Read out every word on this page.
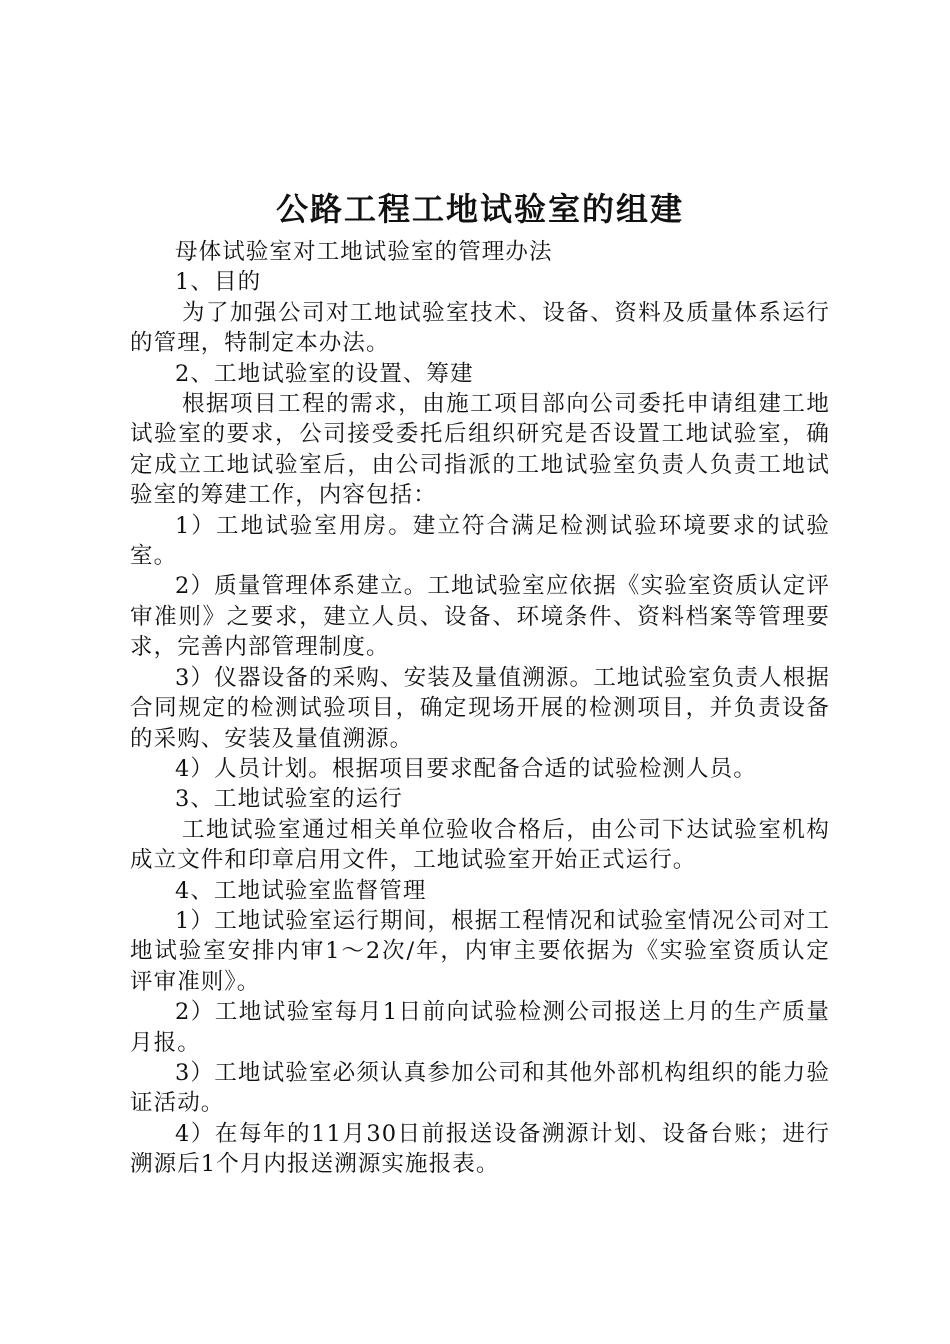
公路工程工地试验室的组建

母体试验室对工地试验室的管理办法

1、目的

为了加强公司对工地试验室技术、设备、资料及质量体系运行的管理，特制定本办法。

2、工地试验室的设置、筹建

根据项目工程的需求，由施工项目部向公司委托申请组建工地试验室的要求，公司接受委托后组织研究是否设置工地试验室，确定成立工地试验室后，由公司指派的工地试验室负责人负责工地试验室的筹建工作，内容包括：

1）工地试验室用房。建立符合满足检测试验环境要求的试验室。

2）质量管理体系建立。工地试验室应依据《实验室资质认定评审准则》之要求，建立人员、设备、环境条件、资料档案等管理要求，完善内部管理制度。

3）仪器设备的采购、安装及量值溯源。工地试验室负责人根据合同规定的检测试验项目，确定现场开展的检测项目，并负责设备的采购、安装及量值溯源。

4）人员计划。根据项目要求配备合适的试验检测人员。

3、工地试验室的运行

工地试验室通过相关单位验收合格后，由公司下达试验室机构成立文件和印章启用文件，工地试验室开始正式运行。

4、工地试验室监督管理

1）工地试验室运行期间，根据工程情况和试验室情况公司对工地试验室安排内审1～2次/年，内审主要依据为《实验室资质认定评审准则》。

2）工地试验室每月1日前向试验检测公司报送上月的生产质量月报。

3）工地试验室必须认真参加公司和其他外部机构组织的能力验证活动。

4）在每年的11月30日前报送设备溯源计划、设备台账；进行溯源后1个月内报送溯源实施报表。
